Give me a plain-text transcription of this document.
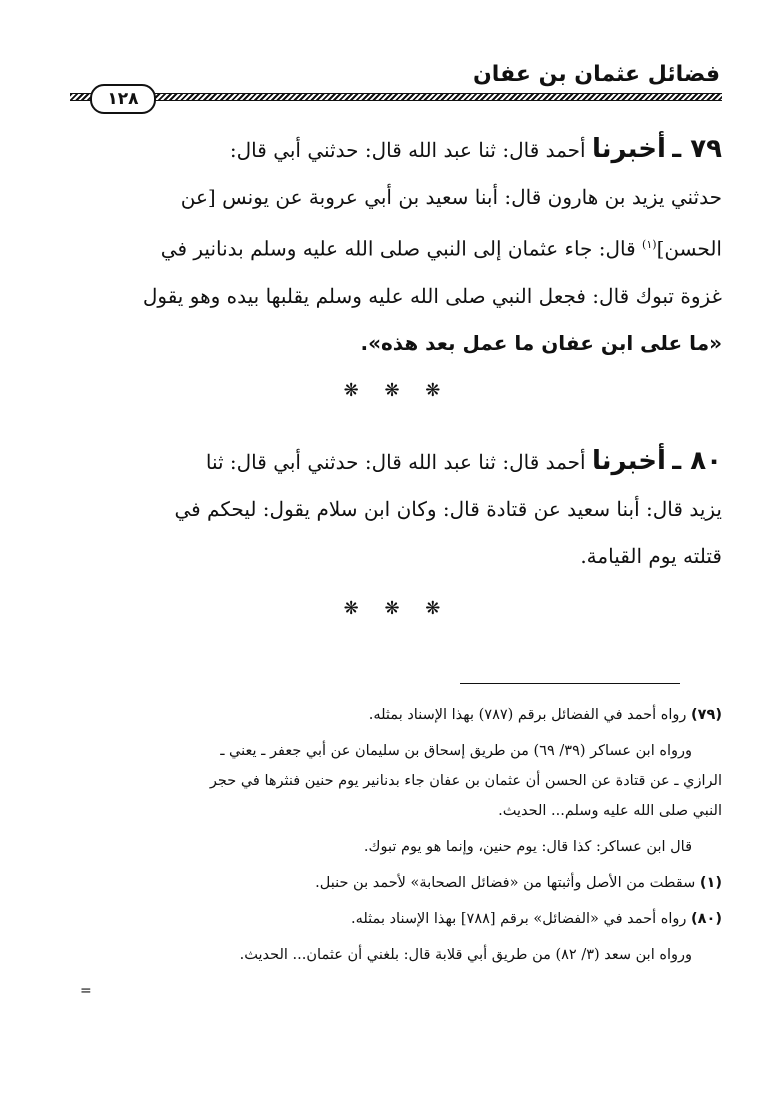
فضائل عثمان بن عفان
١٢٨

٧٩ ـ أخبرنا أحمد قال: ثنا عبد الله قال: حدثني أبي قال:

حدثني يزيد بن هارون قال: أبنا سعيد بن أبي عروبة عن يونس [عن

الحسن]$^{(١)}$ قال: جاء عثمان إلى النبي صلى الله عليه وسلم بدنانير في

غزوة تبوك قال: فجعل النبي صلى الله عليه وسلم يقلبها بيده وهو يقول

«ما على ابن عفان ما عمل بعد هذه».

❋ ❋ ❋

٨٠ ـ أخبرنا أحمد قال: ثنا عبد الله قال: حدثني أبي قال: ثنا

يزيد قال: أبنا سعيد عن قتادة قال: وكان ابن سلام يقول: ليحكم في

قتلته يوم القيامة.

❋ ❋ ❋

(٧٩) رواه أحمد في الفضائل برقم (٧٨٧) بهذا الإسناد بمثله.

ورواه ابن عساكر (٣٩/ ٦٩) من طريق إسحاق بن سليمان عن أبي جعفر ـ يعني ـ

الرازي ـ عن قتادة عن الحسن أن عثمان بن عفان جاء بدنانير يوم حنين فنثرها في حجر

النبي صلى الله عليه وسلم... الحديث.

قال ابن عساكر: كذا قال: يوم حنين، وإنما هو يوم تبوك.

(١) سقطت من الأصل وأثبتها من «فضائل الصحابة» لأحمد بن حنبل.

(٨٠) رواه أحمد في «الفضائل» برقم [٧٨٨] بهذا الإسناد بمثله.

ورواه ابن سعد (٣/ ٨٢) من طريق أبي قلابة قال: بلغني أن عثمان... الحديث.

=
